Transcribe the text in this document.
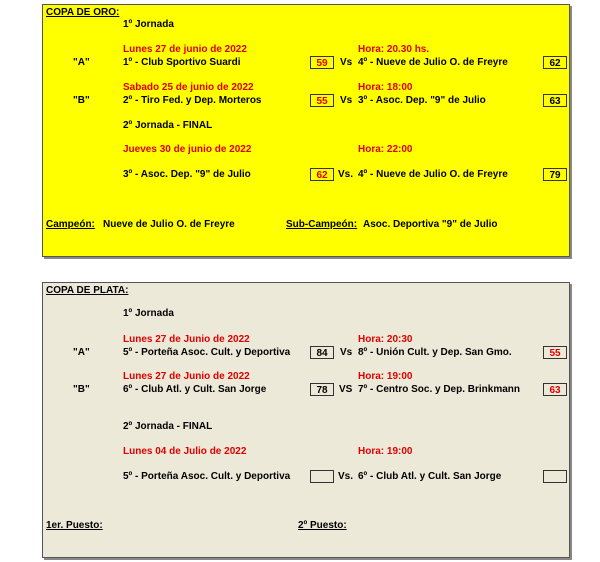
COPA DE ORO:
1º Jornada
Lunes 27 de junio de 2022	Hora: 20.30 hs.
"A"	1º - Club Sportivo Suardi	59	Vs 4º - Nueve de Julio O. de Freyre	62
Sabado 25 de junio de 2022	Hora: 18:00
"B"	2º - Tiro Fed. y Dep. Morteros	55	Vs 3º - Asoc. Dep. "9" de Julio	63
2º Jornada - FINAL
Jueves 30 de junio de 2022	Hora: 22:00
3º - Asoc. Dep. "9" de Julio	62	Vs. 4º - Nueve de Julio O. de Freyre	79
Campeón: Nueve de Julio O. de Freyre	Sub-Campeón: Asoc. Deportiva "9" de Julio
COPA DE PLATA:
1º Jornada
Lunes 27 de Junio de 2022	Hora: 20:30
"A"	5º - Porteña Asoc. Cult. y Deportiva	84	Vs 8º - Unión Cult. y Dep. San Gmo.	55
Lunes 27 de Junio de 2022	Hora: 19:00
"B"	6º - Club Atl. y Cult. San Jorge	78	VS 7º - Centro Soc. y Dep. Brinkmann	63
2º Jornada - FINAL
Lunes 04 de Julio de 2022	Hora: 19:00
5º - Porteña Asoc. Cult. y Deportiva	Vs. 6º - Club Atl. y Cult. San Jorge
1er. Puesto:	2º Puesto:
